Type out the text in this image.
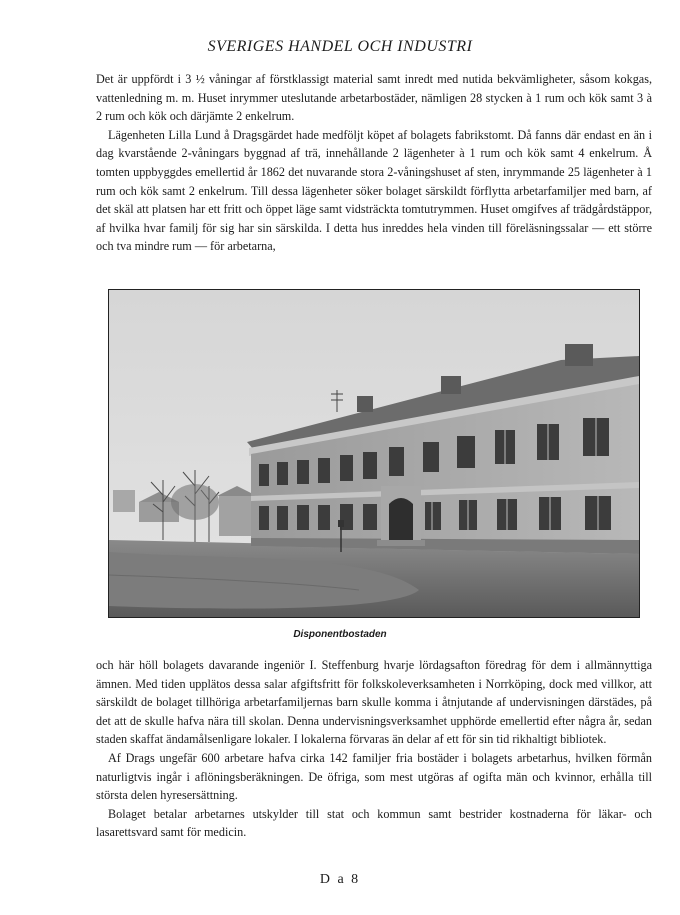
SVERIGES HANDEL OCH INDUSTRI

Det är uppfördt i 3 ½ våningar af förstklassigt material samt inredt med nutida bekvämligheter, såsom kokgas, vattenledning m. m. Huset inrymmer uteslutande arbetarbostäder, nämligen 28 stycken à 1 rum och kök samt 3 à 2 rum och kök och därjämte 2 enkelrum.

Lägenheten Lilla Lund å Dragsgärdet hade medföljt köpet af bolagets fabrikstomt. Då fanns där endast en än i dag kvarstående 2-våningars byggnad af trä, innehållande 2 lägenheter à 1 rum och kök samt 4 enkelrum. Å tomten uppbyggdes emellertid år 1862 det nuvarande stora 2-våningshuset af sten, inrymmande 25 lägenheter à 1 rum och kök samt 2 enkelrum. Till dessa lägenheter söker bolaget särskildt förflytta arbetarfamiljer med barn, af det skäl att platsen har ett fritt och öppet läge samt vidsträckta tomtutrymmen. Huset omgifves af trädgårdstäppor, af hvilka hvar familj för sig har sin särskilda. I detta hus inreddes hela vinden till föreläsningssalar — ett större och tva mindre rum — för arbetarna,

Disponentbostaden

och här höll bolagets davarande ingeniör I. Steffenburg hvarje lördagsafton föredrag för dem i allmännyttiga ämnen. Med tiden upplätos dessa salar afgiftsfritt för folkskoleverksamheten i Norrköping, dock med villkor, att särskildt de bolaget tillhöriga arbetarfamiljernas barn skulle komma i åtnjutande af undervisningen därstädes, på det att de skulle hafva nära till skolan. Denna undervisningsverksamhet upphörde emellertid efter några år, sedan staden skaffat ändamålsenligare lokaler. I lokalerna förvaras än delar af ett för sin tid rikhaltigt bibliotek.

Af Drags ungefär 600 arbetare hafva cirka 142 familjer fria bostäder i bolagets arbetarhus, hvilken förmån naturligtvis ingår i aflöningsberäkningen. De öfriga, som mest utgöras af ogifta män och kvinnor, erhålla till största delen hyresersättning.

Bolaget betalar arbetarnes utskylder till stat och kommun samt bestrider kostnaderna för läkar- och lasarettsvard samt för medicin.

D a 8
